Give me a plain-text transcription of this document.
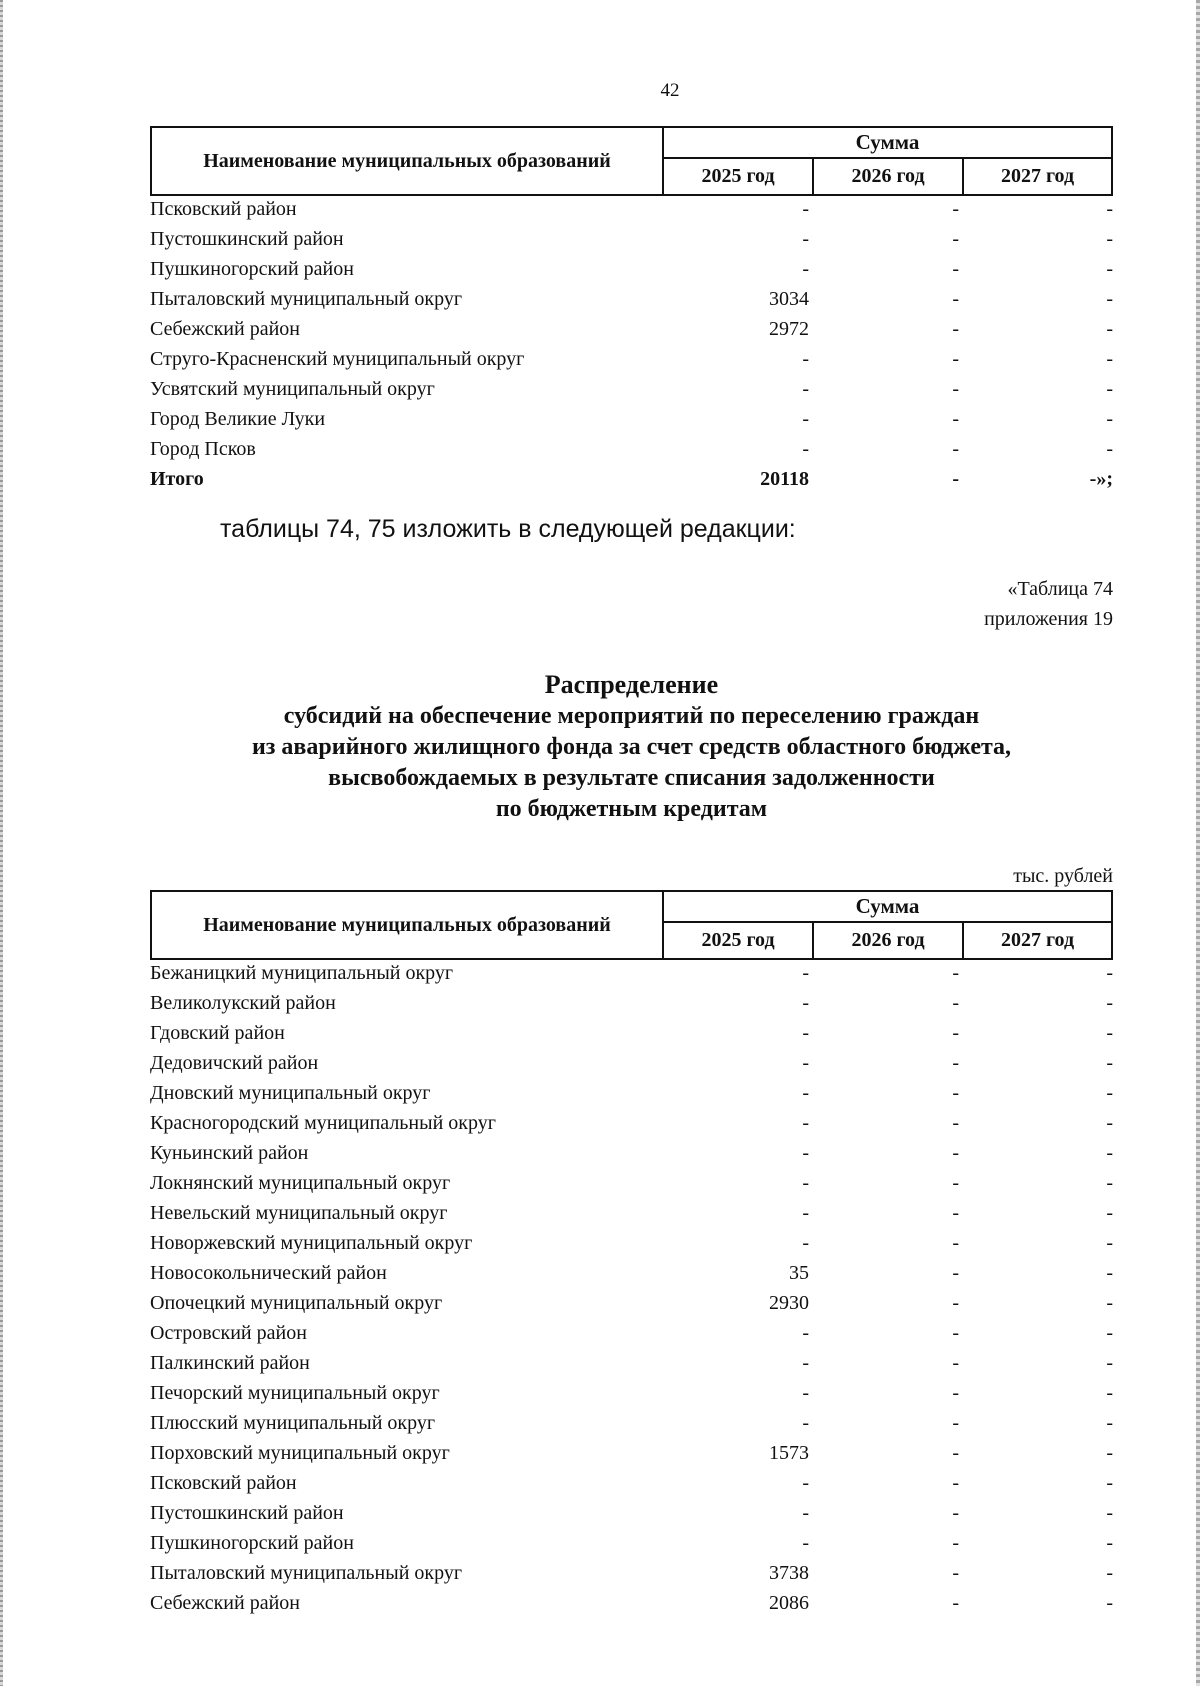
42
Наименование муниципальных образований
Сумма
2025 год	2026 год	2027 год
Псковский район	-	-	-
Пустошкинский район	-	-	-
Пушкиногорский район	-	-	-
Пыталовский муниципальный округ	3034	-	-
Себежский район	2972	-	-
Струго-Красненский муниципальный округ	-	-	-
Усвятский муниципальный округ	-	-	-
Город Великие Луки	-	-	-
Город Псков	-	-	-
Итого	20118	-	-»;
таблицы 74, 75 изложить в следующей редакции:
«Таблица 74
приложения 19
Распределение
субсидий на обеспечение мероприятий по переселению граждан
из аварийного жилищного фонда за счет средств областного бюджета,
высвобождаемых в результате списания задолженности
по бюджетным кредитам
тыс. рублей
Наименование муниципальных образований
Сумма
2025 год	2026 год	2027 год
Бежаницкий муниципальный округ	-	-	-
Великолукский район	-	-	-
Гдовский район	-	-	-
Дедовичский район	-	-	-
Дновский муниципальный округ	-	-	-
Красногородский муниципальный округ	-	-	-
Куньинский район	-	-	-
Локнянский муниципальный округ	-	-	-
Невельский муниципальный округ	-	-	-
Новоржевский муниципальный округ	-	-	-
Новосокольнический район	35	-	-
Опочецкий муниципальный округ	2930	-	-
Островский район	-	-	-
Палкинский район	-	-	-
Печорский муниципальный округ	-	-	-
Плюсский муниципальный округ	-	-	-
Порховский муниципальный округ	1573	-	-
Псковский район	-	-	-
Пустошкинский район	-	-	-
Пушкиногорский район	-	-	-
Пыталовский муниципальный округ	3738	-	-
Себежский район	2086	-	-
